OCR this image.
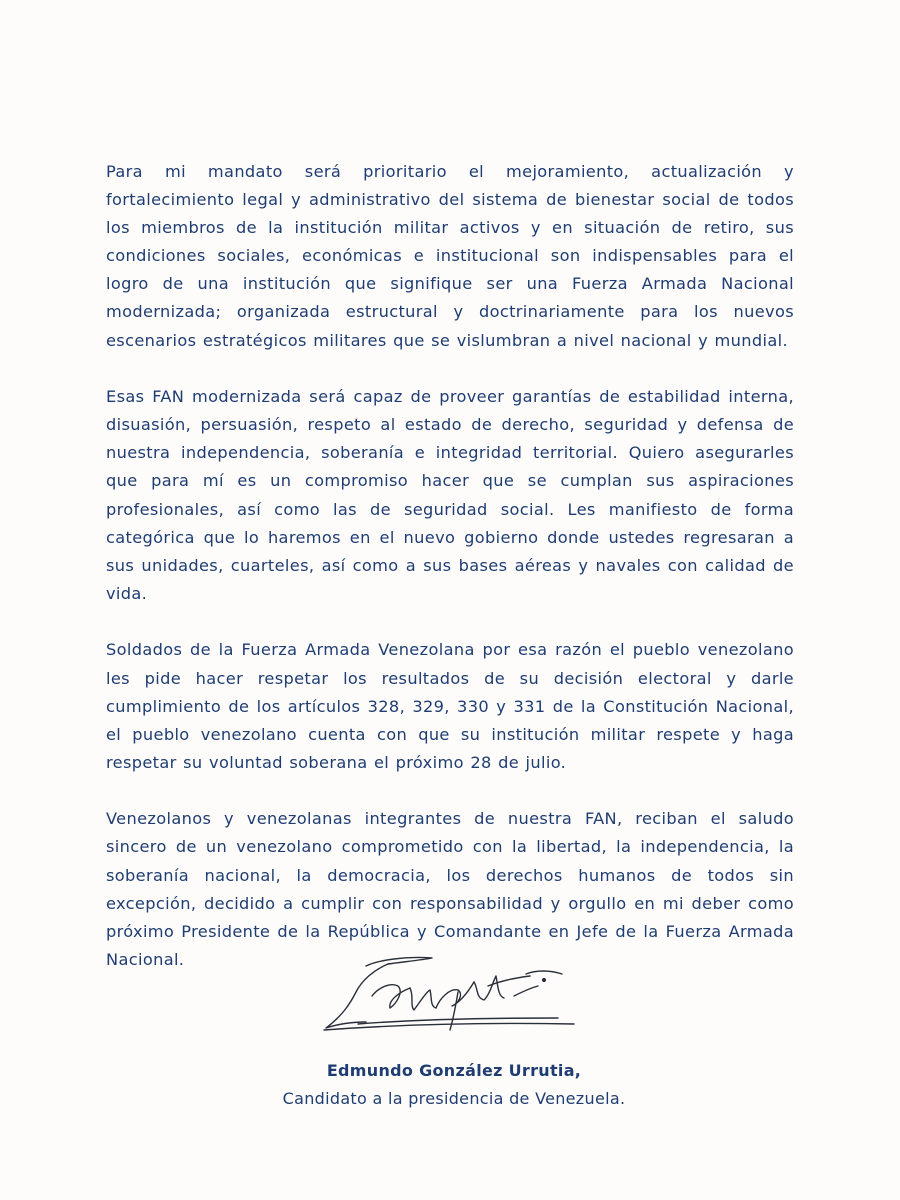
Para mi mandato será prioritario el mejoramiento, actualización y fortalecimiento legal y administrativo del sistema de bienestar social de todos los miembros de la institución militar activos y en situación de retiro, sus condiciones sociales, económicas e institucional son indispensables para el logro de una institución que signifique ser una Fuerza Armada Nacional modernizada; organizada estructural y doctrinariamente para los nuevos escenarios estratégicos militares que se vislumbran a nivel nacional y mundial.

Esas FAN modernizada será capaz de proveer garantías de estabilidad interna, disuasión, persuasión, respeto al estado de derecho, seguridad y defensa de nuestra independencia, soberanía e integridad territorial. Quiero asegurarles que para mí es un compromiso hacer que se cumplan sus aspiraciones profesionales, así como las de seguridad social. Les manifiesto de forma categórica que lo haremos en el nuevo gobierno donde ustedes regresaran a sus unidades, cuarteles, así como a sus bases aéreas y navales con calidad de vida.

Soldados de la Fuerza Armada Venezolana por esa razón el pueblo venezolano les pide hacer respetar los resultados de su decisión electoral y darle cumplimiento de los artículos 328, 329, 330 y 331 de la Constitución Nacional, el pueblo venezolano cuenta con que su institución militar respete y haga respetar su voluntad soberana el próximo 28 de julio.

Venezolanos y venezolanas integrantes de nuestra FAN, reciban el saludo sincero de un venezolano comprometido con la libertad, la independencia, la soberanía nacional, la democracia, los derechos humanos de todos sin excepción, decidido a cumplir con responsabilidad y orgullo en mi deber como próximo Presidente de la República y Comandante en Jefe de la Fuerza Armada Nacional.

Edmundo González Urrutia,
Candidato a la presidencia de Venezuela.
